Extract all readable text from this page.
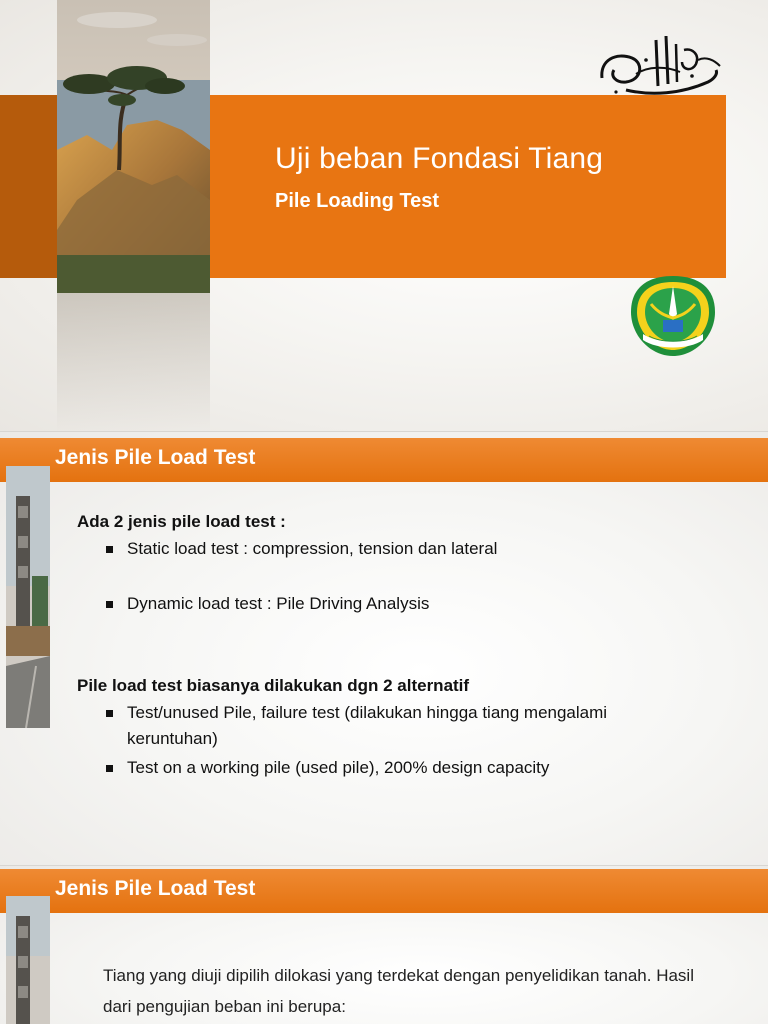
Uji beban Fondasi Tiang
Pile Loading Test
Jenis Pile Load Test

Ada 2 jenis pile load test :

Static load test : compression, tension dan lateral
Dynamic load test : Pile Driving Analysis

Pile load test biasanya dilakukan dgn 2 alternatif

Test/unused Pile, failure test (dilakukan hingga tiang mengalami keruntuhan)
Test on a working pile (used pile), 200% design capacity
Jenis Pile Load Test

Tiang yang diuji dipilih dilokasi yang terdekat dengan penyelidikan tanah. Hasil dari pengujian beban ini berupa:
